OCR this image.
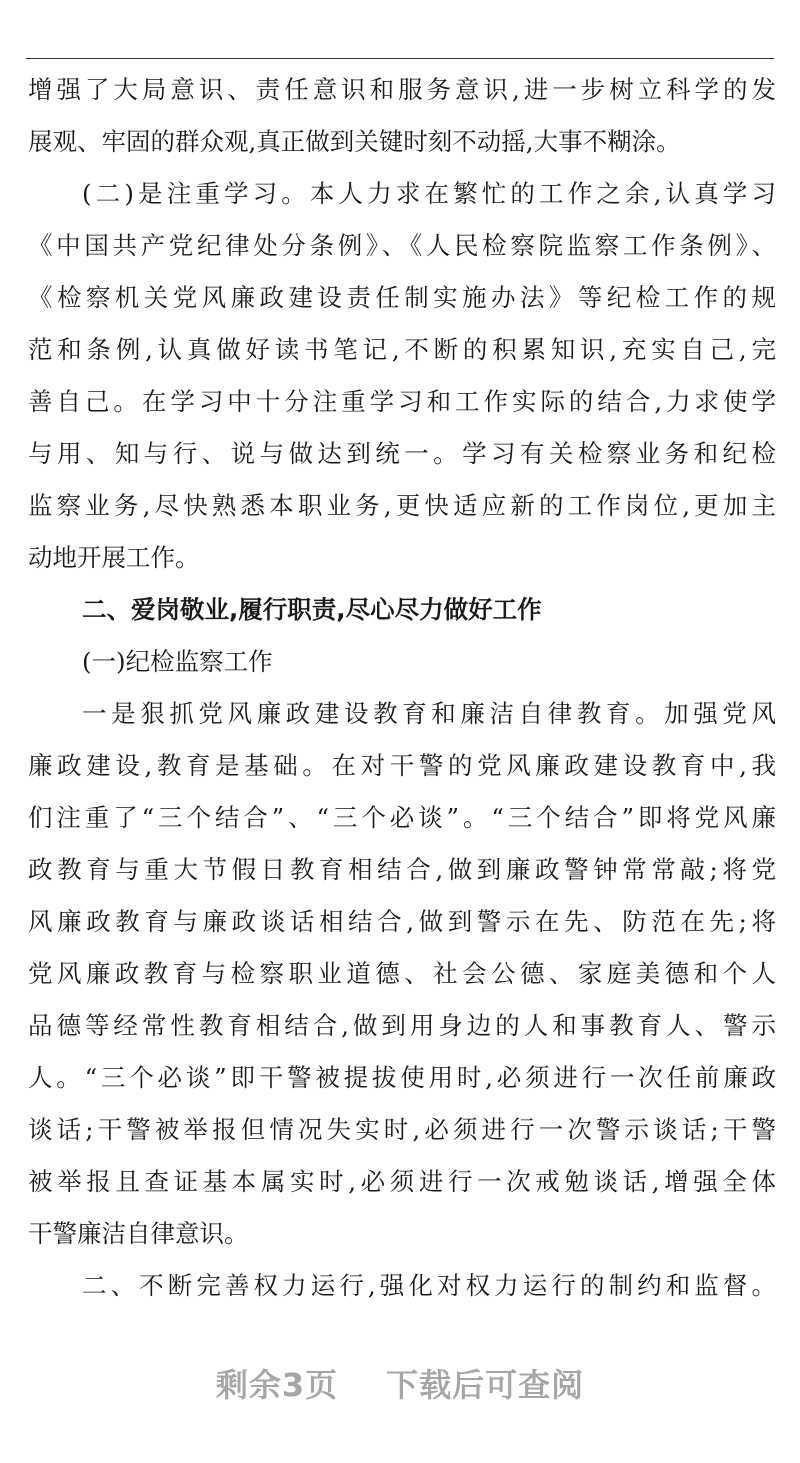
增强了大局意识、责任意识和服务意识,进一步树立科学的发
展观、牢固的群众观,真正做到关键时刻不动摇,大事不糊涂。
(二)是注重学习。本人力求在繁忙的工作之余,认真学习
《中国共产党纪律处分条例》、《人民检察院监察工作条例》、
《检察机关党风廉政建设责任制实施办法》等纪检工作的规
范和条例,认真做好读书笔记,不断的积累知识,充实自己,完
善自己。在学习中十分注重学习和工作实际的结合,力求使学
与用、知与行、说与做达到统一。学习有关检察业务和纪检
监察业务,尽快熟悉本职业务,更快适应新的工作岗位,更加主
动地开展工作。
二、爱岗敬业,履行职责,尽心尽力做好工作
(一)纪检监察工作
一是狠抓党风廉政建设教育和廉洁自律教育。加强党风
廉政建设,教育是基础。在对干警的党风廉政建设教育中,我
们注重了“三个结合”、“三个必谈”。“三个结合”即将党风廉
政教育与重大节假日教育相结合,做到廉政警钟常常敲;将党
风廉政教育与廉政谈话相结合,做到警示在先、防范在先;将
党风廉政教育与检察职业道德、社会公德、家庭美德和个人
品德等经常性教育相结合,做到用身边的人和事教育人、警示
人。“三个必谈”即干警被提拔使用时,必须进行一次任前廉政
谈话;干警被举报但情况失实时,必须进行一次警示谈话;干警
被举报且查证基本属实时,必须进行一次戒勉谈话,增强全体
干警廉洁自律意识。
二、不断完善权力运行,强化对权力运行的制约和监督。
剩余3页 下载后可查阅
